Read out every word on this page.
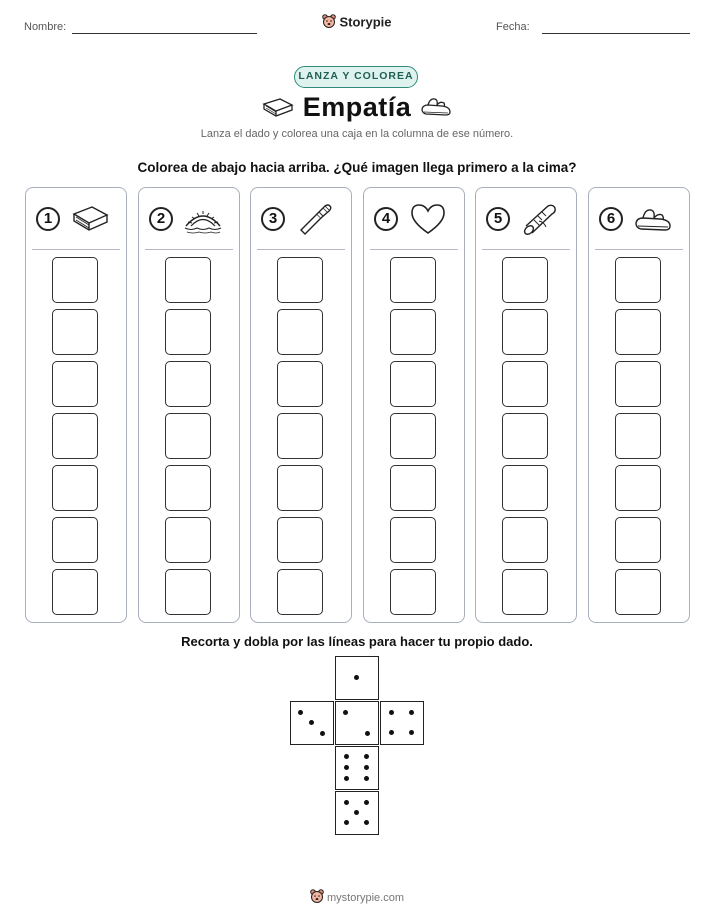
Nombre:	Storypie	Fecha:
LANZA Y COLOREA
Empatía
Lanza el dado y colorea una caja en la columna de ese número.
Colorea de abajo hacia arriba. ¿Qué imagen llega primero a la cima?
1	2	3	4	5	6
Recorta y dobla por las líneas para hacer tu propio dado.
mystorypie.com
